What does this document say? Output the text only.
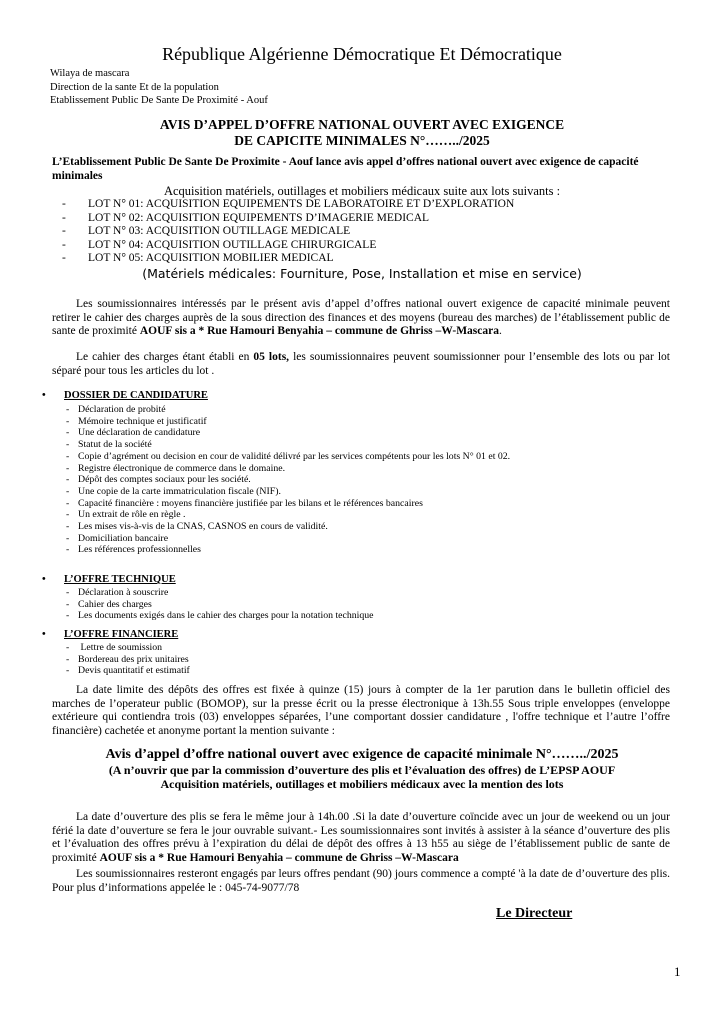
République Algérienne Démocratique Et Démocratique
Wilaya de mascara
Direction de la sante Et de la population
Etablissement Public De Sante De Proximité - Aouf
AVIS D’APPEL D’OFFRE NATIONAL OUVERT AVEC EXIGENCE
DE CAPICITE MINIMALES N°……../2025
L’Etablissement Public De Sante De Proximite - Aouf lance avis appel d’offres national ouvert avec exigence de capacité minimales
Acquisition matériels, outillages et mobiliers médicaux suite aux lots suivants :
- LOT N° 01: ACQUISITION EQUIPEMENTS DE LABORATOIRE ET D’EXPLORATION
- LOT N° 02: ACQUISITION EQUIPEMENTS D’IMAGERIE MEDICAL
- LOT N° 03: ACQUISITION OUTILLAGE MEDICALE
- LOT N° 04: ACQUISITION OUTILLAGE CHIRURGICALE
- LOT N° 05: ACQUISITION MOBILIER MEDICAL
(Matériels médicales: Fourniture, Pose, Installation et mise en service)
Les soumissionnaires intéressés par le présent avis d’appel d’offres national ouvert exigence de capacité minimale peuvent retirer le cahier des charges auprès de la sous direction des finances et des moyens (bureau des marches) de l’établissement public de sante de proximité AOUF sis a * Rue Hamouri Benyahia – commune de Ghriss –W-Mascara.
Le cahier des charges étant établi en 05 lots, les soumissionnaires peuvent soumissionner pour l’ensemble des lots ou par lot séparé pour tous les articles du lot .
• DOSSIER DE CANDIDATURE
- Déclaration de probité
- Mémoire technique et justificatif
- Une déclaration de candidature
- Statut de la société
- Copie d’agrément ou decision en cour de validité délivré par les services compétents pour les lots N° 01 et 02.
- Registre électronique de commerce dans le domaine.
- Dépôt des comptes sociaux pour les société.
- Une copie de la carte immatriculation fiscale (NIF).
- Capacité financière : moyens financière justifiée par les bilans et le références bancaires
- Un extrait de rôle en règle .
- Les mises vis-à-vis de la CNAS, CASNOS en cours de validité.
- Domiciliation bancaire
- Les références professionnelles
• L’OFFRE TECHNIQUE
- Déclaration à souscrire
- Cahier des charges
- Les documents exigés dans le cahier des charges pour la notation technique
• L’OFFRE FINANCIERE
- Lettre de soumission
- Bordereau des prix unitaires
- Devis quantitatif et estimatif
La date limite des dépôts des offres est fixée à quinze (15) jours à compter de la 1er parution dans le bulletin officiel des marches de l’operateur public (BOMOP), sur la presse écrit ou la presse électronique à 13h.55 Sous triple enveloppes (enveloppe extérieure qui contiendra trois (03) enveloppes séparées, l’une comportant dossier candidature , l'offre technique et l’autre l’offre financière) cachetée et anonyme portant la mention suivante :
Avis d’appel d’offre national ouvert avec exigence de capacité minimale N°……../2025
(A n’ouvrir que par la commission d’ouverture des plis et l’évaluation des offres) de L’EPSP AOUF
Acquisition matériels, outillages et mobiliers médicaux avec la mention des lots
La date d’ouverture des plis se fera le même jour à 14h.00 .Si la date d’ouverture coïncide avec un jour de weekend ou un jour férié la date d’ouverture se fera le jour ouvrable suivant.- Les soumissionnaires sont invités à assister à la séance d’ouverture des plis et l’évaluation des offres prévu à l’expiration du délai de dépôt des offres à 13 h55 au siège de l’établissement public de sante de proximité AOUF sis a * Rue Hamouri Benyahia – commune de Ghriss –W-Mascara
Les soumissionnaires resteront engagés par leurs offres pendant (90) jours commence a compté 'à la date de d’ouverture des plis. Pour plus d’informations appelée le : 045-74-9077/78
Le Directeur
1
